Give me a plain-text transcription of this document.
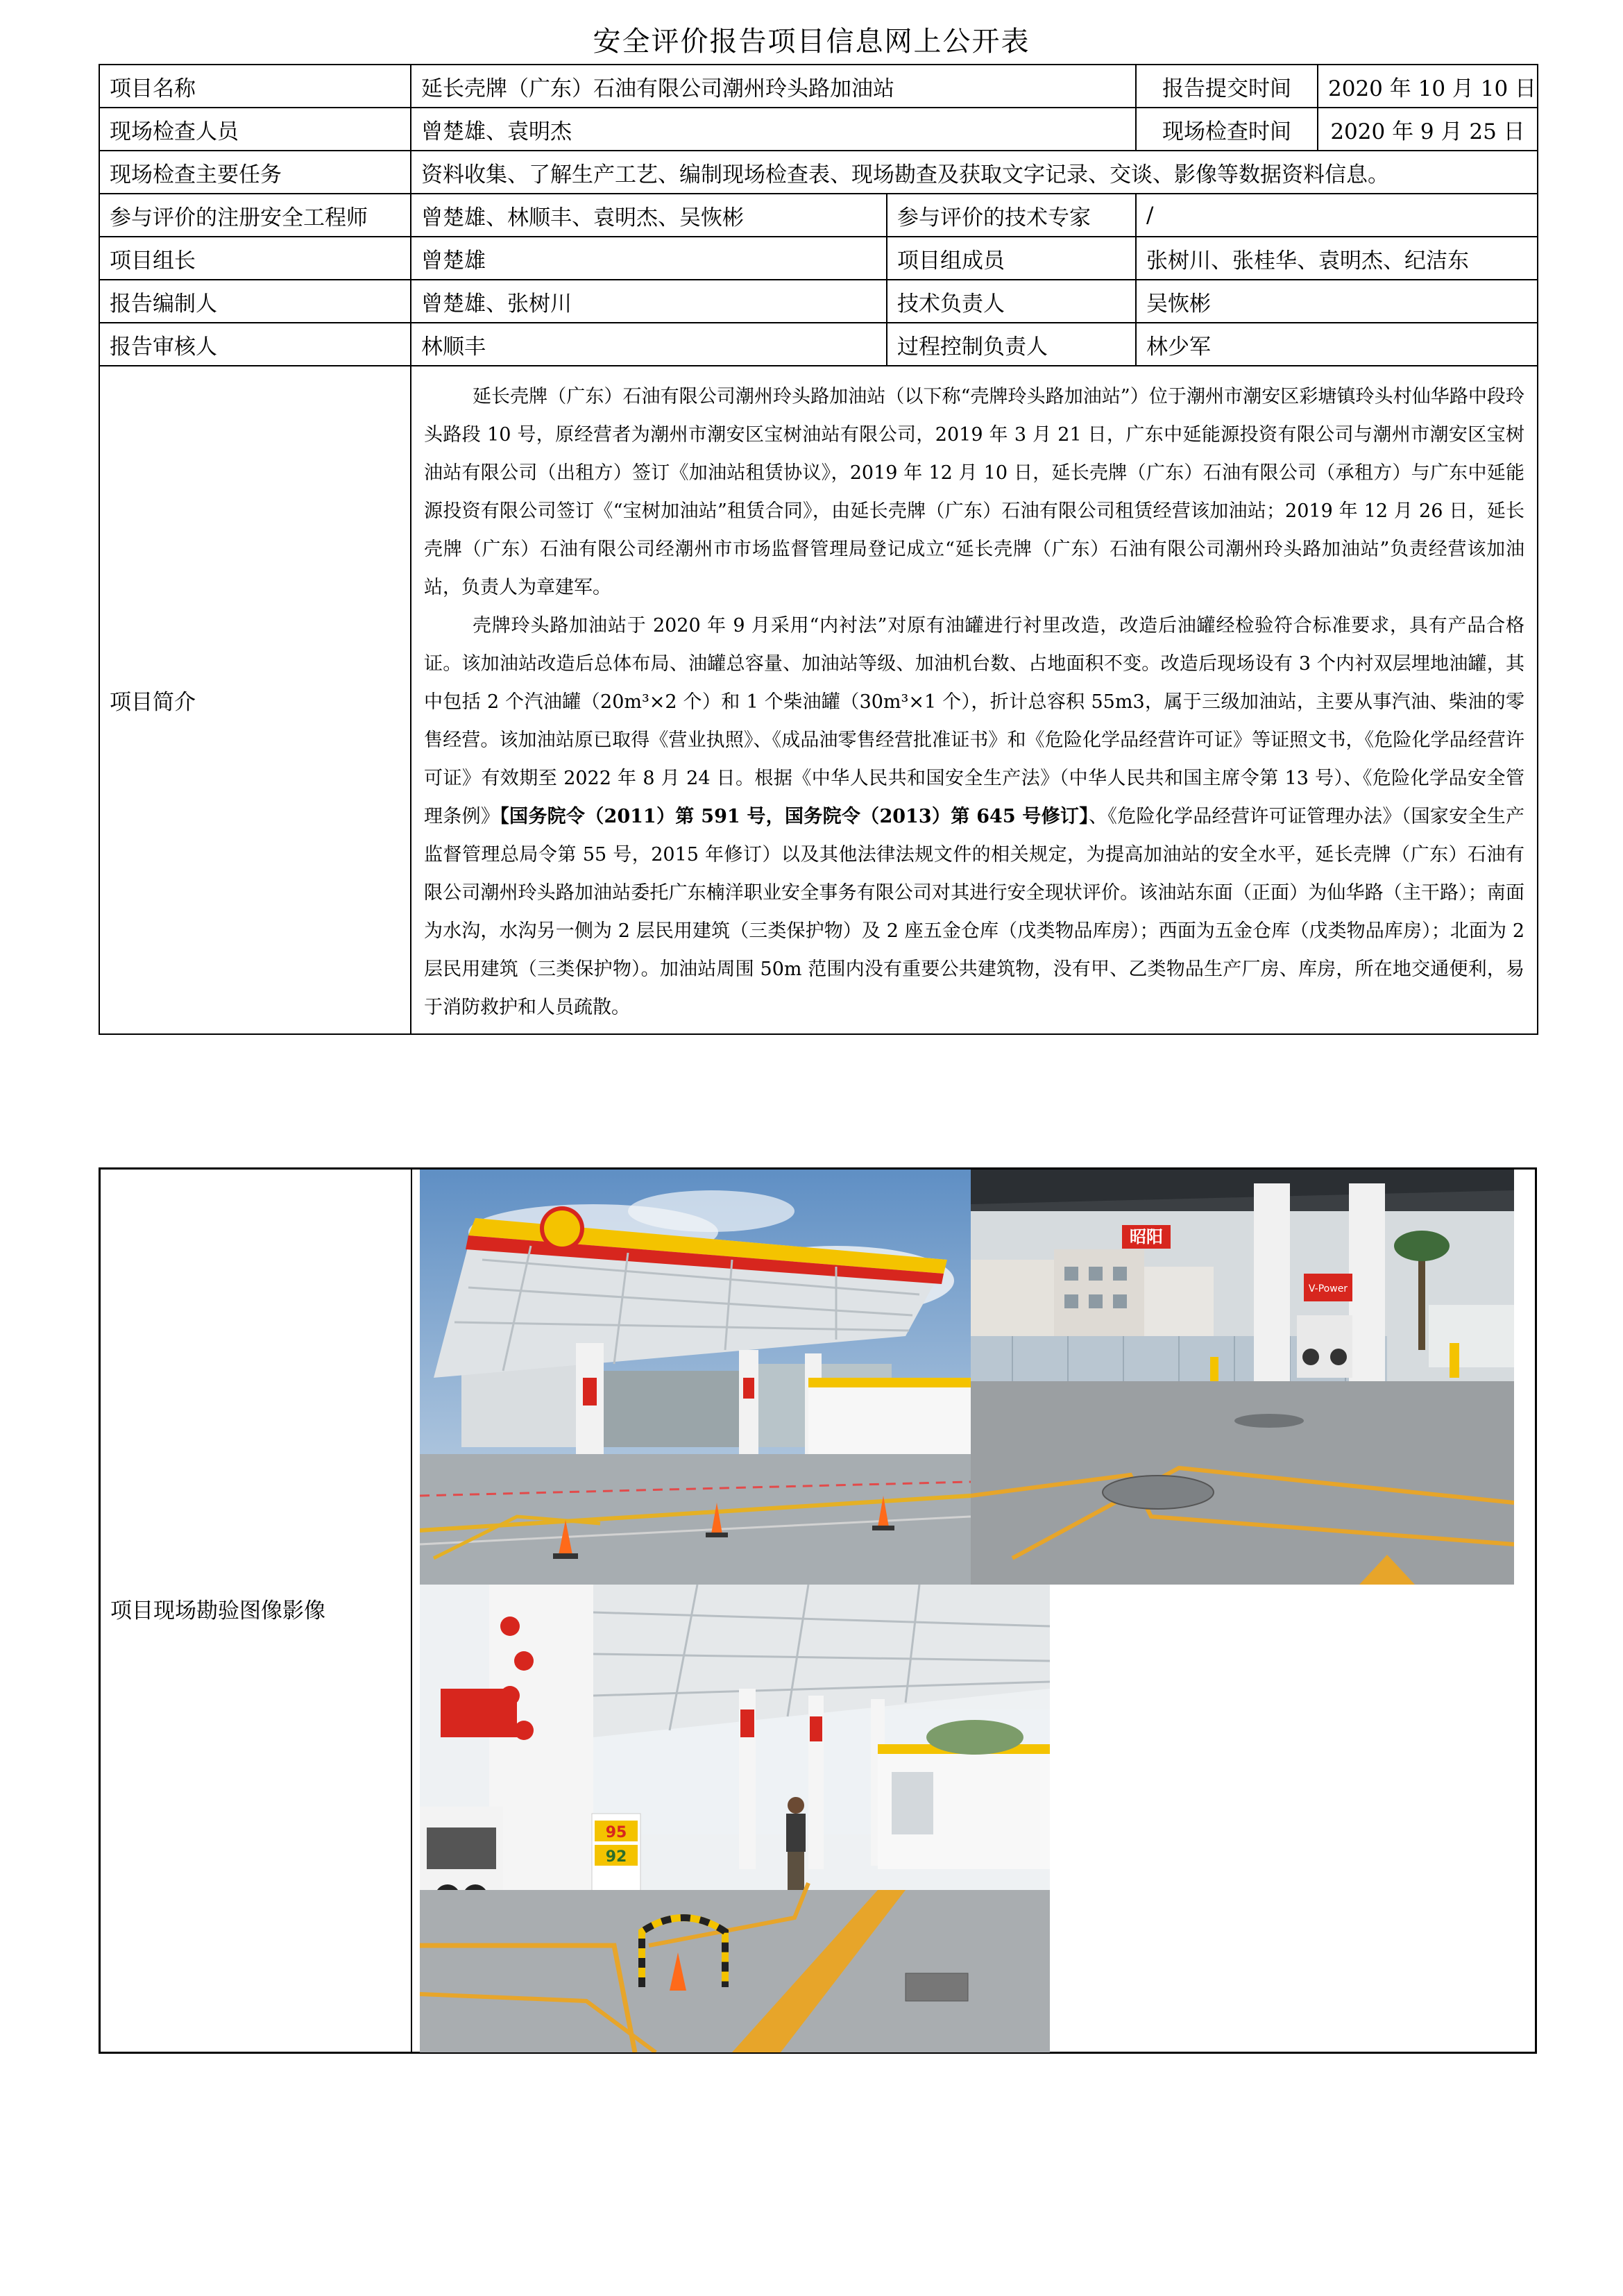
安全评价报告项目信息网上公开表
项目名称	延长壳牌（广东）石油有限公司潮州玲头路加油站		报告提交时间	2020 年 10 月 10 日
现场检查人员	曾楚雄、袁明杰		现场检查时间	2020 年 9 月 25 日
现场检查主要任务	资料收集、了解生产工艺、编制现场检查表、现场勘查及获取文字记录、交谈、影像等数据资料信息。			
参与评价的注册安全工程师	曾楚雄、林顺丰、袁明杰、吴恢彬	参与评价的技术专家	/	
项目组长	曾楚雄	项目组成员	张树川、张桂华、袁明杰、纪洁东	
报告编制人	曾楚雄、张树川	技术负责人	吴恢彬	
报告审核人	林顺丰	过程控制负责人	林少军	
项目简介	延长壳牌（广东）石油有限公司潮州玲头路加油站（以下称“壳牌玲头路加油站”）位于潮州市潮安区彩塘镇玲头村仙华路中段玲头路段 10 号，原经营者为潮州市潮安区宝树油站有限公司，2019 年 3 月 21 日，广东中延能源投资有限公司与潮州市潮安区宝树油站有限公司（出租方）签订《加油站租赁协议》，2019 年 12 月 10 日，延长壳牌（广东）石油有限公司（承租方）与广东中延能源投资有限公司签订《“宝树加油站”租赁合同》，由延长壳牌（广东）石油有限公司租赁经营该加油站；2019 年 12 月 26 日，延长壳牌（广东）石油有限公司经潮州市市场监督管理局登记成立“延长壳牌（广东）石油有限公司潮州玲头路加油站”负责经营该加油站，负责人为章建军。

壳牌玲头路加油站于 2020 年 9 月采用“内衬法”对原有油罐进行衬里改造，改造后油罐经检验符合标准要求，具有产品合格证。该加油站改造后总体布局、油罐总容量、加油站等级、加油机台数、占地面积不变。改造后现场设有 3 个内衬双层埋地油罐，其中包括 2 个汽油罐（20m³×2 个）和 1 个柴油罐（30m³×1 个），折计总容积 55m3，属于三级加油站，主要从事汽油、柴油的零售经营。该加油站原已取得《营业执照》、《成品油零售经营批准证书》和《危险化学品经营许可证》等证照文书，《危险化学品经营许可证》有效期至 2022 年 8 月 24 日。根据《中华人民共和国安全生产法》（中华人民共和国主席令第 13 号）、《危险化学品安全管理条例》【国务院令（2011）第 591 号，国务院令（2013）第 645 号修订】、《危险化学品经营许可证管理办法》（国家安全生产监督管理总局令第 55 号，2015 年修订）以及其他法律法规文件的相关规定，为提高加油站的安全水平，延长壳牌（广东）石油有限公司潮州玲头路加油站委托广东楠洋职业安全事务有限公司对其进行安全现状评价。该油站东面（正面）为仙华路（主干路）；南面为水沟，水沟另一侧为 2 层民用建筑（三类保护物）及 2 座五金仓库（戊类物品库房）；西面为五金仓库（戊类物品库房）；北面为 2 层民用建筑（三类保护物）。加油站周围 50m 范围内没有重要公共建筑物，没有甲、乙类物品生产厂房、库房，所在地交通便利，易于消防救护和人员疏散。			

项目现场勘验图像影像
昭阳
V-Power
95
92
